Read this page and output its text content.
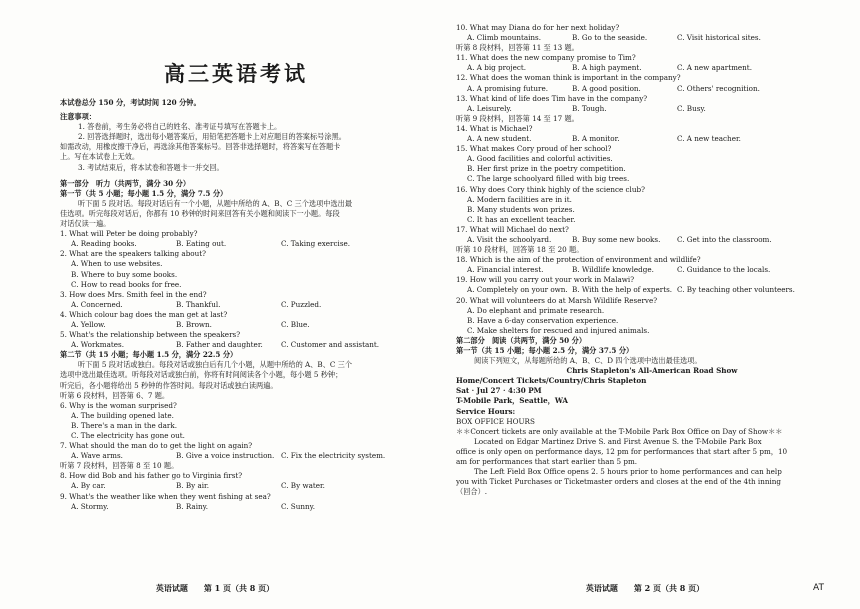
高三英语考试
本试卷总分 150 分，考试时间 120 分钟。
注意事项：
1. 答卷前，考生务必将自己的姓名、准考证号填写在答题卡上。
2. 回答选择题时，选出每小题答案后，用铅笔把答题卡上对应题目的答案标号涂黑。
如需改动，用橡皮擦干净后，再选涂其他答案标号。回答非选择题时，将答案写在答题卡
上。写在本试卷上无效。
3. 考试结束后，将本试卷和答题卡一并交回。
第一部分　听力（共两节，满分 30 分）
第一节（共 5 小题；每小题 1.5 分，满分 7.5 分）
听下面 5 段对话。每段对话后有一个小题，从题中所给的 A、B、C 三个选项中选出最
佳选项。听完每段对话后，你都有 10 秒钟的时间来回答有关小题和阅读下一小题。每段
对话仅读一遍。
1. What will Peter be doing probably?
A. Reading books.	B. Eating out.	C. Taking exercise.
2. What are the speakers talking about?
A. When to use websites.
B. Where to buy some books.
C. How to read books for free.
3. How does Mrs. Smith feel in the end?
A. Concerned.	B. Thankful.	C. Puzzled.
4. Which colour bag does the man get at last?
A. Yellow.	B. Brown.	C. Blue.
5. What's the relationship between the speakers?
A. Workmates.	B. Father and daughter.	C. Customer and assistant.
第二节（共 15 小题；每小题 1.5 分，满分 22.5 分）
听下面 5 段对话或独白。每段对话或独白后有几个小题，从题中所给的 A、B、C 三个
选项中选出最佳选项。听每段对话或独白前，你将有时间阅读各个小题，每小题 5 秒钟；
听完后，各小题将给出 5 秒钟的作答时间。每段对话或独白读两遍。
听第 6 段材料，回答第 6、7 题。
6. Why is the woman surprised?
A. The building opened late.
B. There's a man in the dark.
C. The electricity has gone out.
7. What should the man do to get the light on again?
A. Wave arms.	B. Give a voice instruction. C. Fix the electricity system.
听第 7 段材料，回答第 8 至 10 题。
8. How did Bob and his father go to Virginia first?
A. By car.	B. By air.	C. By water.
9. What's the weather like when they went fishing at sea?
A. Stormy.	B. Rainy.	C. Sunny.
英语试题 第 1 页（共 8 页）
10. What may Diana do for her next holiday?
A. Climb mountains.	B. Go to the seaside.	C. Visit historical sites.
听第 8 段材料，回答第 11 至 13 题。
11. What does the new company promise to Tim?
A. A big project.	B. A high payment.	C. A new apartment.
12. What does the woman think is important in the company?
A. A promising future.	B. A good position.	C. Others' recognition.
13. What kind of life does Tim have in the company?
A. Leisurely.	B. Tough.	C. Busy.
听第 9 段材料，回答第 14 至 17 题。
14. What is Michael?
A. A new student.	B. A monitor.	C. A new teacher.
15. What makes Cory proud of her school?
A. Good facilities and colorful activities.
B. Her first prize in the poetry competition.
C. The large schoolyard filled with big trees.
16. Why does Cory think highly of the science club?
A. Modern facilities are in it.
B. Many students won prizes.
C. It has an excellent teacher.
17. What will Michael do next?
A. Visit the schoolyard.	B. Buy some new books.	C. Get into the classroom.
听第 10 段材料，回答第 18 至 20 题。
18. Which is the aim of the protection of environment and wildlife?
A. Financial interest.	B. Wildlife knowledge.	C. Guidance to the locals.
19. How will you carry out your work in Malawi?
A. Completely on your own. B. With the help of experts. C. By teaching other volunteers.
20. What will volunteers do at Marsh Wildlife Reserve?
A. Do elephant and primate research.
B. Have a 6-day conservation experience.
C. Make shelters for rescued and injured animals.
第二部分　阅读（共两节，满分 50 分）
第一节（共 15 小题；每小题 2.5 分，满分 37.5 分）
阅读下列短文，从每题所给的 A、B、C、D 四个选项中选出最佳选项。
Chris Stapleton's All-American Road Show
Home/Concert Tickets/Country/Chris Stapleton
Sat · Jul 27 · 4:30 PM
T-Mobile Park，Seattle，WA
Service Hours:
BOX OFFICE HOURS
＊＊Concert tickets are only available at the T-Mobile Park Box Office on Day of Show＊＊
Located on Edgar Martinez Drive S. and First Avenue S. the T-Mobile Park Box
office is only open on performance days, 12 pm for performances that start after 5 pm，10
am for performances that start earlier than 5 pm.
The Left Field Box Office opens 2. 5 hours prior to home performances and can help
you with Ticket Purchases or Ticketmaster orders and closes at the end of the 4th inning
（回合）.
英语试题 第 2 页（共 8 页）	AT
